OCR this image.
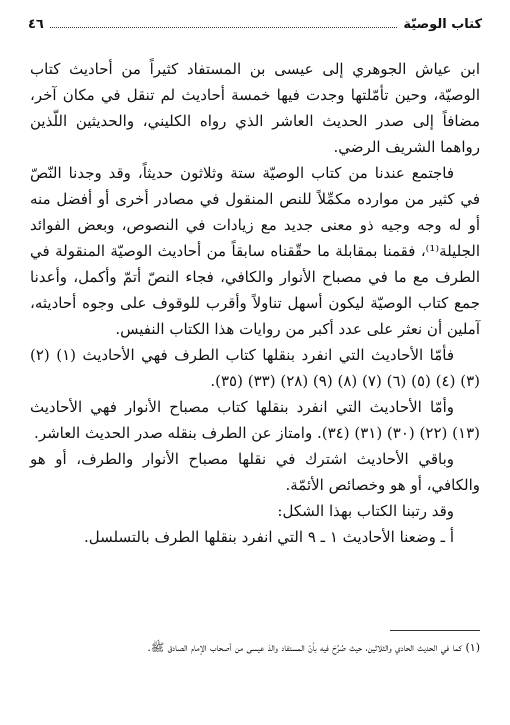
كتاب الوصيّة
٤٦

ابن عياش الجوهري إلى عيسى بن المستفاد كثيراً من أحاديث كتاب الوصيّة، وحين تأمّلتها وجدت فيها خمسة أحاديث لم تنقل في مكان آخر، مضافاً إلى صدر الحديث العاشر الذي رواه الكليني، والحديثين اللّذين رواهما الشريف الرضي.

فاجتمع عندنا من كتاب الوصيّة ستة وثلاثون حديثاً، وقد وجدنا النّصّ في كثير من موارده مكمِّلاً للنص المنقول في مصادر أخرى أو أفضل منه أو له وجه وجيه ذو معنى جديد مع زيادات في النصوص، وبعض الفوائد الجليلة⁽¹⁾، فقمنا بمقابلة ما حقّقناه سابقاً من أحاديث الوصيّة المنقولة في الطرف مع ما في مصباح الأنوار والكافي، فجاء النصّ أتمّ وأكمل، وأعدنا جمع كتاب الوصيّة ليكون أسهل تناولاً وأقرب للوقوف على وجوه أحاديثه، آملين أن نعثر على عدد أكبر من روايات هذا الكتاب النفيس.

فأمّا الأحاديث التي انفرد بنقلها كتاب الطرف فهي الأحاديث (١) (٢) (٣) (٤) (٥) (٦) (٧) (٨) (٩) (٢٨) (٣٣) (٣٥).

وأمّا الأحاديث التي انفرد بنقلها كتاب مصباح الأنوار فهي الأحاديث (١٣) (٢٢) (٣٠) (٣١) (٣٤). وامتاز عن الطرف بنقله صدر الحديث العاشر.

وباقي الأحاديث اشترك في نقلها مصباح الأنوار والطرف، أو هو والكافي، أو هو وخصائص الأئمّة.

وقد رتبنا الكتاب بهذا الشكل:

أ ـ وضعنا الأحاديث ١ ـ ٩ التي انفرد بنقلها الطرف بالتسلسل.

(١) كما في الحديث الحادي والثلاثين، حيث صُرِّحَ فيه بأنّ المستفاد والدَ عيسى من أصحاب الإمام الصادق ﷺ.
